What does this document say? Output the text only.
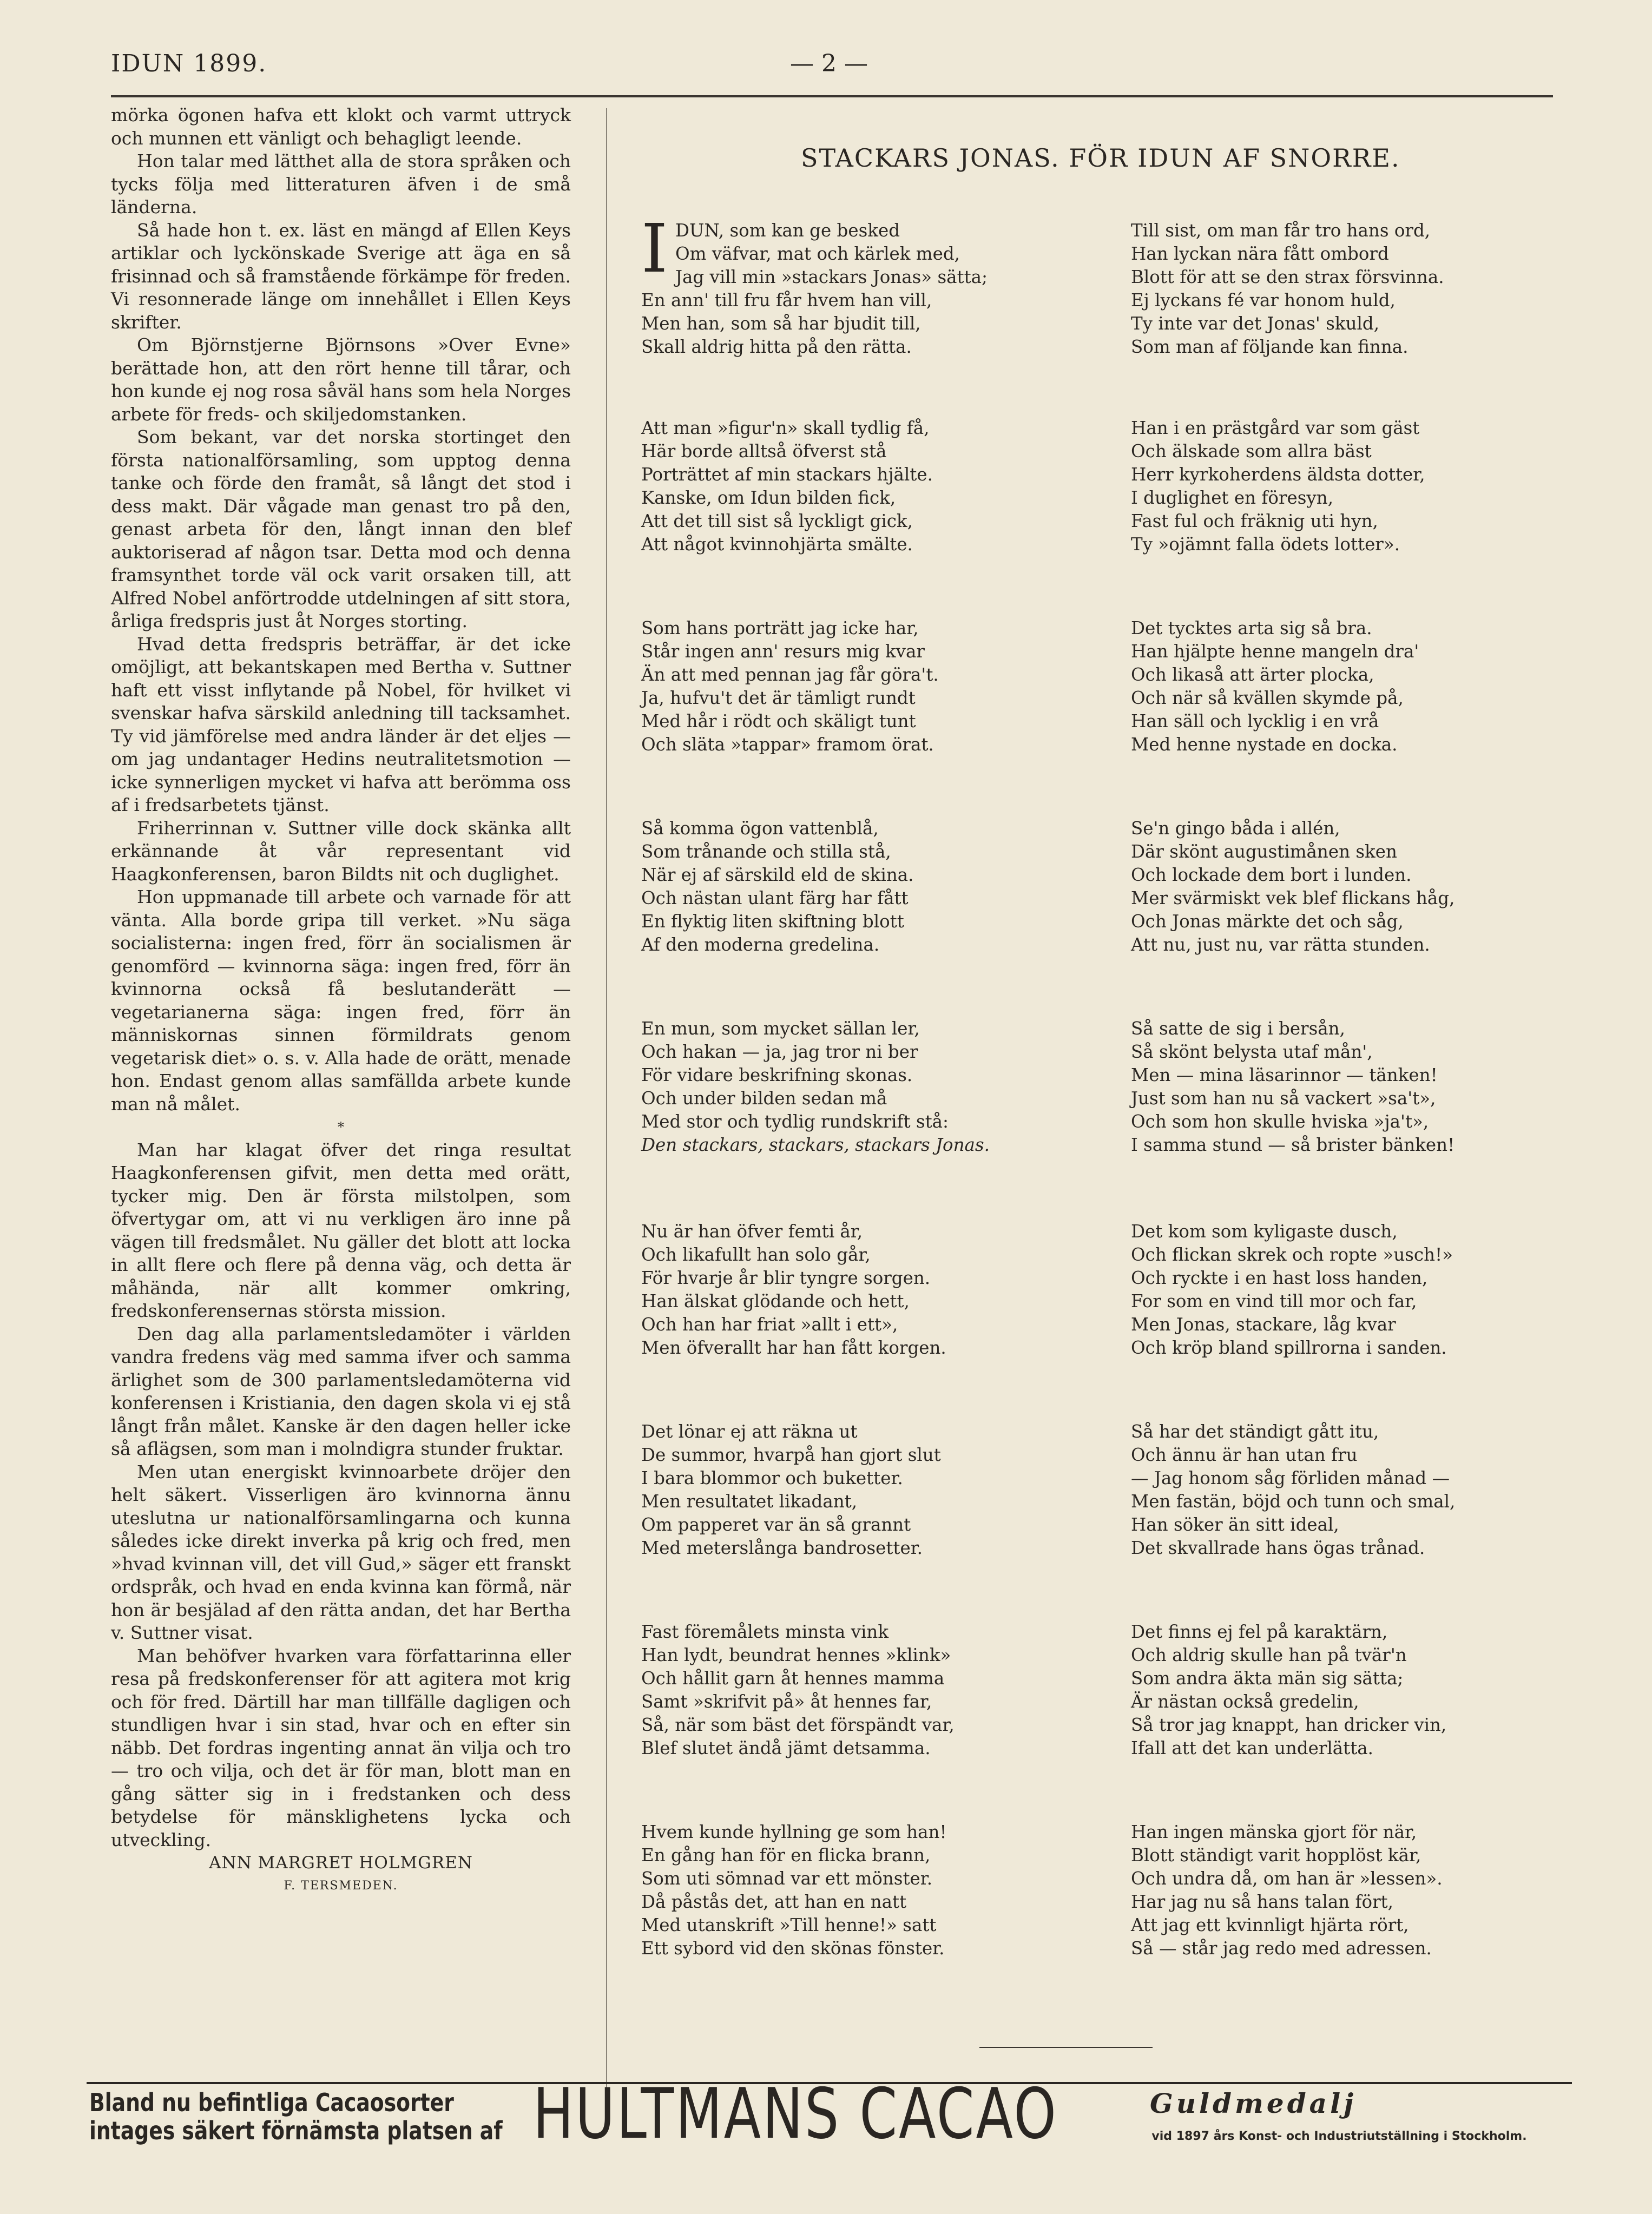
IDUN 1899.	— 2 —

mörka ögonen hafva ett klokt och varmt uttryck och munnen ett vänligt och behagligt leende.

Hon talar med lätthet alla de stora språken och tycks följa med litteraturen äfven i de små länderna.

Så hade hon t. ex. läst en mängd af Ellen Keys artiklar och lyckönskade Sverige att äga en så frisinnad och så framstående förkämpe för freden. Vi resonnerade länge om innehållet i Ellen Keys skrifter.

Om Björnstjerne Björnsons »Over Evne» berättade hon, att den rört henne till tårar, och hon kunde ej nog rosa såväl hans som hela Norges arbete för freds- och skiljedomstanken.

Som bekant, var det norska stortinget den första nationalförsamling, som upptog denna tanke och förde den framåt, så långt det stod i dess makt. Där vågade man genast tro på den, genast arbeta för den, långt innan den blef auktoriserad af någon tsar. Detta mod och denna framsynthet torde väl ock varit orsaken till, att Alfred Nobel anförtrodde utdelningen af sitt stora, årliga fredspris just åt Norges storting.

Hvad detta fredspris beträffar, är det icke omöjligt, att bekantskapen med Bertha v. Suttner haft ett visst inflytande på Nobel, för hvilket vi svenskar hafva särskild anledning till tacksamhet. Ty vid jämförelse med andra länder är det eljes — om jag undantager Hedins neutralitetsmotion — icke synnerligen mycket vi hafva att berömma oss af i fredsarbetets tjänst.

Friherrinnan v. Suttner ville dock skänka allt erkännande åt vår representant vid Haagkonferensen, baron Bildts nit och duglighet.

Hon uppmanade till arbete och varnade för att vänta. Alla borde gripa till verket. »Nu säga socialisterna: ingen fred, förr än socialismen är genomförd — kvinnorna säga: ingen fred, förr än kvinnorna också få beslutanderätt — vegetarianerna säga: ingen fred, förr än människornas sinnen förmildrats genom vegetarisk diet» o. s. v. Alla hade de orätt, menade hon. Endast genom allas samfällda arbete kunde man nå målet.

*

Man har klagat öfver det ringa resultat Haagkonferensen gifvit, men detta med orätt, tycker mig. Den är första milstolpen, som öfvertygar om, att vi nu verkligen äro inne på vägen till fredsmålet. Nu gäller det blott att locka in allt flere och flere på denna väg, och detta är måhända, när allt kommer omkring, fredskonferensernas största mission.

Den dag alla parlamentsledamöter i världen vandra fredens väg med samma ifver och samma ärlighet som de 300 parlamentsledamöterna vid konferensen i Kristiania, den dagen skola vi ej stå långt från målet. Kanske är den dagen heller icke så aflägsen, som man i molndigra stunder fruktar.

Men utan energiskt kvinnoarbete dröjer den helt säkert. Visserligen äro kvinnorna ännu uteslutna ur nationalförsamlingarna och kunna således icke direkt inverka på krig och fred, men »hvad kvinnan vill, det vill Gud,» säger ett franskt ordspråk, och hvad en enda kvinna kan förmå, när hon är besjälad af den rätta andan, det har Bertha v. Suttner visat.

Man behöfver hvarken vara författarinna eller resa på fredskonferenser för att agitera mot krig och för fred. Därtill har man tillfälle dagligen och stundligen hvar i sin stad, hvar och en efter sin näbb. Det fordras ingenting annat än vilja och tro — tro och vilja, och det är för man, blott man en gång sätter sig in i fredstanken och dess betydelse för mänsklighetens lycka och utveckling.

ANN MARGRET HOLMGREN

F. TERSMEDEN.

STACKARS JONAS. FÖR IDUN AF SNORRE.
I DUN, som kan ge besked
Om väfvar, mat och kärlek med,
Jag vill min »stackars Jonas» sätta;
En ann' till fru får hvem han vill,
Men han, som så har bjudit till,
Skall aldrig hitta på den rätta.
Till sist, om man får tro hans ord,
Han lyckan nära fått ombord
Blott för att se den strax försvinna.
Ej lyckans fé var honom huld,
Ty inte var det Jonas' skuld,
Som man af följande kan finna.
Att man »figur'n» skall tydlig få,
Här borde alltså öfverst stå
Porträttet af min stackars hjälte.
Kanske, om Idun bilden fick,
Att det till sist så lyckligt gick,
Att något kvinnohjärta smälte.
Han i en prästgård var som gäst
Och älskade som allra bäst
Herr kyrkoherdens äldsta dotter,
I duglighet en föresyn,
Fast ful och fräknig uti hyn,
Ty »ojämnt falla ödets lotter».
Som hans porträtt jag icke har,
Står ingen ann' resurs mig kvar
Än att med pennan jag får göra't.
Ja, hufvu't det är tämligt rundt
Med hår i rödt och skäligt tunt
Och släta »tappar» framom örat.
Det tycktes arta sig så bra.
Han hjälpte henne mangeln dra'
Och likaså att ärter plocka,
Och när så kvällen skymde på,
Han säll och lycklig i en vrå
Med henne nystade en docka.
Så komma ögon vattenblå,
Som trånande och stilla stå,
När ej af särskild eld de skina.
Och nästan ulant färg har fått
En flyktig liten skiftning blott
Af den moderna gredelina.
Se'n gingo båda i allén,
Där skönt augustimånen sken
Och lockade dem bort i lunden.
Mer svärmiskt vek blef flickans håg,
Och Jonas märkte det och såg,
Att nu, just nu, var rätta stunden.
En mun, som mycket sällan ler,
Och hakan — ja, jag tror ni ber
För vidare beskrifning skonas.
Och under bilden sedan må
Med stor och tydlig rundskrift stå:
Den stackars, stackars, stackars Jonas.
Så satte de sig i bersån,
Så skönt belysta utaf mån',
Men — mina läsarinnor — tänken!
Just som han nu så vackert »sa't»,
Och som hon skulle hviska »ja't»,
I samma stund — så brister bänken!
Nu är han öfver femti år,
Och likafullt han solo går,
För hvarje år blir tyngre sorgen.
Han älskat glödande och hett,
Och han har friat »allt i ett»,
Men öfverallt har han fått korgen.
Det kom som kyligaste dusch,
Och flickan skrek och ropte »usch!»
Och ryckte i en hast loss handen,
For som en vind till mor och far,
Men Jonas, stackare, låg kvar
Och kröp bland spillrorna i sanden.
Det lönar ej att räkna ut
De summor, hvarpå han gjort slut
I bara blommor och buketter.
Men resultatet likadant,
Om papperet var än så grannt
Med meterslånga bandrosetter.
Så har det ständigt gått itu,
Och ännu är han utan fru
— Jag honom såg förliden månad —
Men fastän, böjd och tunn och smal,
Han söker än sitt ideal,
Det skvallrade hans ögas trånad.
Fast föremålets minsta vink
Han lydt, beundrat hennes »klink»
Och hållit garn åt hennes mamma
Samt »skrifvit på» åt hennes far,
Så, när som bäst det förspändt var,
Blef slutet ändå jämt detsamma.
Det finns ej fel på karaktärn,
Och aldrig skulle han på tvär'n
Som andra äkta män sig sätta;
Är nästan också gredelin,
Så tror jag knappt, han dricker vin,
Ifall att det kan underlätta.
Hvem kunde hyllning ge som han!
En gång han för en flicka brann,
Som uti sömnad var ett mönster.
Då påstås det, att han en natt
Med utanskrift »Till henne!» satt
Ett sybord vid den skönas fönster.
Han ingen mänska gjort för när,
Blott ständigt varit hopplöst kär,
Och undra då, om han är »lessen».
Har jag nu så hans talan fört,
Att jag ett kvinnligt hjärta rört,
Så — står jag redo med adressen.
Bland nu befintliga Cacaosorter
intages säkert förnämsta platsen af HULTMANS CACAO	Guldmedalj
vid 1897 års Konst- och Industriutställning i Stockholm.
